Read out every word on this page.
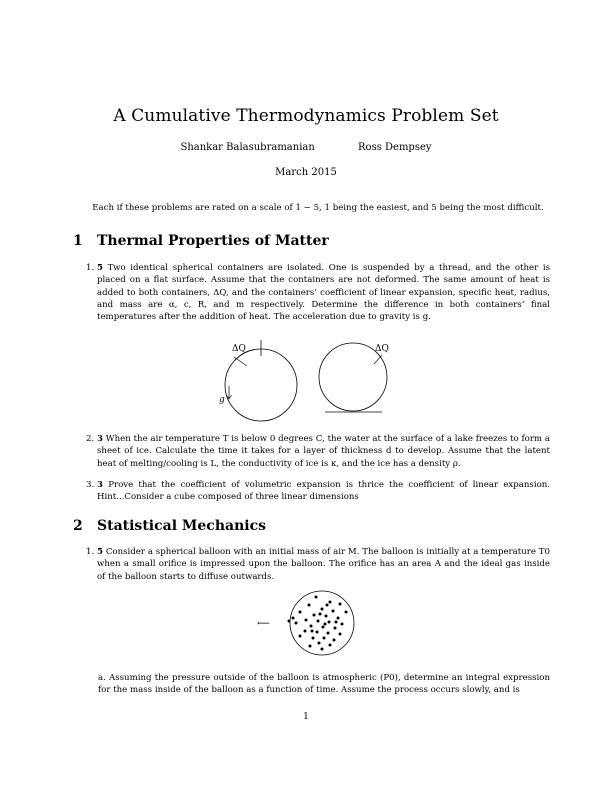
A Cumulative Thermodynamics Problem Set
Shankar Balasubramanian	Ross Dempsey
March 2015
Each if these problems are rated on a scale of 1 − 5, 1 being the easiest, and 5 being the most difficult.
1 Thermal Properties of Matter
1. 5 Two identical spherical containers are isolated. One is suspended by a thread, and the other is placed on a flat surface. Assume that the containers are not deformed. The same amount of heat is added to both containers, ΔQ, and the containers’ coefficient of linear expansion, specific heat, radius, and mass are α, c, R, and m respectively. Determine the difference in both containers’ final temperatures after the addition of heat. The acceleration due to gravity is g.
ΔQ
g
ΔQ
2. 3 When the air temperature T is below 0 degrees C, the water at the surface of a lake freezes to form a sheet of ice. Calculate the time it takes for a layer of thickness d to develop. Assume that the latent heat of melting/cooling is L, the conductivity of ice is κ, and the ice has a density ρ.
3. 3 Prove that the coefficient of volumetric expansion is thrice the coefficient of linear expansion. Hint...Consider a cube composed of three linear dimensions
2 Statistical Mechanics
1. 5 Consider a spherical balloon with an initial mass of air M. The balloon is initially at a temperature T0 when a small orifice is impressed upon the balloon. The orifice has an area A and the ideal gas inside of the balloon starts to diffuse outwards.
⟵
a. Assuming the pressure outside of the balloon is atmospheric (P0), determine an integral expression for the mass inside of the balloon as a function of time. Assume the process occurs slowly, and is
1
